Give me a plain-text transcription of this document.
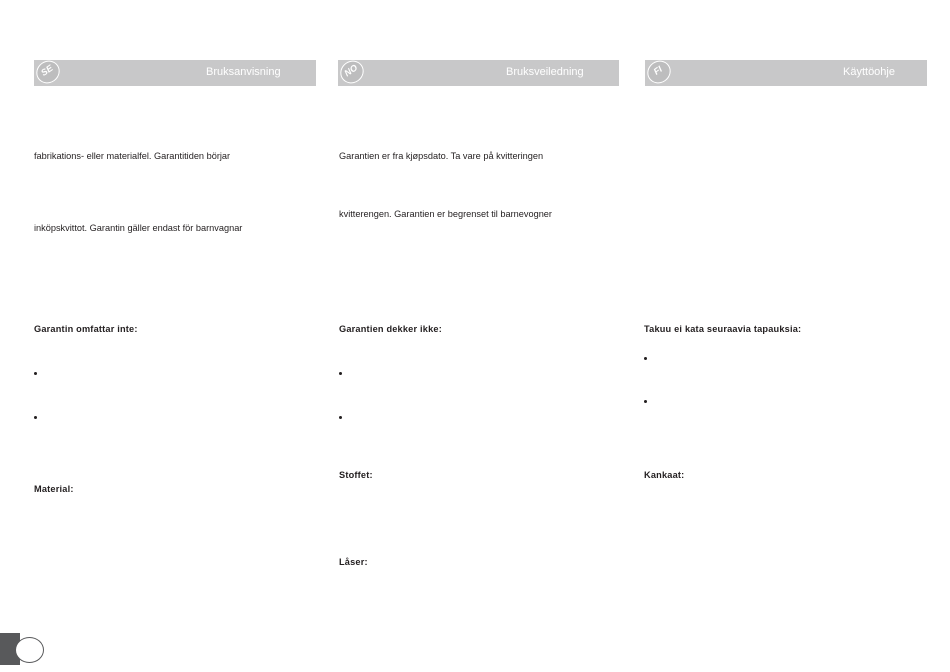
SE	Bruksanvisning
fabrikations- eller materialfel. Garantitiden börjar
inköpskvittot. Garantin gäller endast för barnvagnar
Garantin omfattar inte:
Material:
NO	Bruksveiledning
Garantien er fra kjøpsdato. Ta vare på kvitteringen
kvitterengen. Garantien er begrenset til barnevogner
Garantien dekker ikke:
Stoffet:
Låser:
FI	Käyttöohje
Takuu ei kata seuraavia tapauksia:
Kankaat:
